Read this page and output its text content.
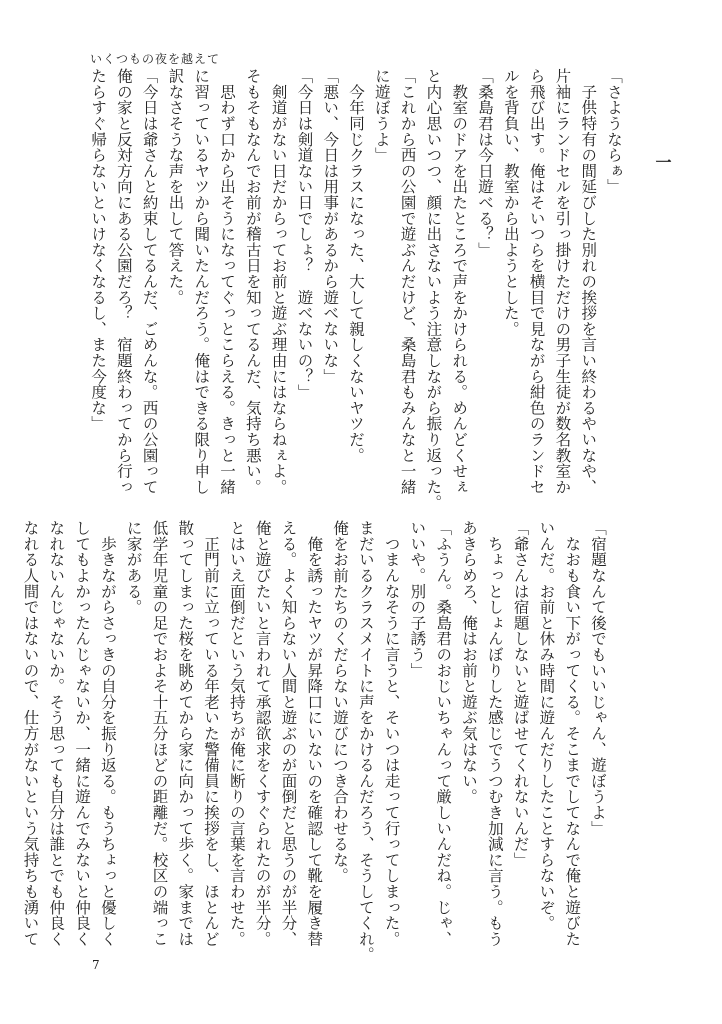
いくつもの夜を越えて
一
「さようならぁ」
　子供特有の間延びした別れの挨拶を言い終わるやいなや、
片袖にランドセルを引っ掛けただけの男子生徒が数名教室か
ら飛び出す。俺はそいつらを横目で見ながら紺色のランドセ
ルを背負い、教室から出ようとした。
「桑島君は今日遊べる？」
　教室のドアを出たところで声をかけられる。めんどくせぇ
と内心思いつつ、顔に出さないよう注意しながら振り返った。
「これから西の公園で遊ぶんだけど、桑島君もみんなと一緒
に遊ぼうよ」
　今年同じクラスになった、大して親しくないヤツだ。
「悪い、今日は用事があるから遊べないな」
「今日は剣道ない日でしょ？　遊べないの？」
　剣道がない日だからってお前と遊ぶ理由にはならねぇよ。
そもそもなんでお前が稽古日を知ってるんだ、気持ち悪い。
　思わず口から出そうになってぐっとこらえる。きっと一緒
に習っているヤツから聞いたんだろう。俺はできる限り申し
訳なさそうな声を出して答えた。
「今日は爺さんと約束してるんだ、ごめんな。西の公園って
俺の家と反対方向にある公園だろ？　宿題終わってから行っ
たらすぐ帰らないといけなくなるし、また今度な」
「宿題なんて後でもいいじゃん、遊ぼうよ」
　なおも食い下がってくる。そこまでしてなんで俺と遊びた
いんだ。お前と休み時間に遊んだりしたことすらないぞ。
「爺さんは宿題しないと遊ばせてくれないんだ」
　ちょっとしょんぼりした感じでうつむき加減に言う。もう
あきらめろ、俺はお前と遊ぶ気はない。
「ふうん。桑島君のおじいちゃんって厳しいんだね。じゃ、
いいや。別の子誘う」
　つまんなそうに言うと、そいつは走って行ってしまった。
まだいるクラスメイトに声をかけるんだろう、そうしてくれ。
俺をお前たちのくだらない遊びにつき合わせるな。
　俺を誘ったヤツが昇降口にいないのを確認して靴を履き替
える。よく知らない人間と遊ぶのが面倒だと思うのが半分、
俺と遊びたいと言われて承認欲求をくすぐられたのが半分。
とはいえ面倒だという気持ちが俺に断りの言葉を言わせた。
　正門前に立っている年老いた警備員に挨拶をし、ほとんど
散ってしまった桜を眺めてから家に向かって歩く。家までは
低学年児童の足でおよそ十五分ほどの距離だ。校区の端っこ
に家がある。
　歩きながらさっきの自分を振り返る。もうちょっと優しく
してもよかったんじゃないか、一緒に遊んでみないと仲良く
なれないんじゃないか。そう思っても自分は誰とでも仲良く
なれる人間ではないので、仕方がないという気持ちも湧いて
7
